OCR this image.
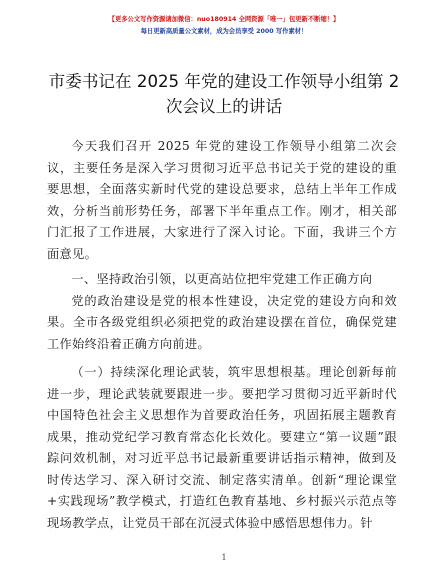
【更多公文写作资源请加微信：nuo180914 全网资源「唯一」包更新不断缩！】
每日更新高质量公文素材，成为会员享受 2000 写作素材！
市委书记在 2025 年党的建设工作领导小组第 2 次会议上的讲话

今天我们召开 2025 年党的建设工作领导小组第二次会议，主要任务是深入学习贯彻习近平总书记关于党的建设的重要思想，全面落实新时代党的建设总要求，总结上半年工作成效，分析当前形势任务，部署下半年重点工作。刚才，相关部门汇报了工作进展，大家进行了深入讨论。下面，我讲三个方面意见。

一、坚持政治引领，以更高站位把牢党建工作正确方向

党的政治建设是党的根本性建设，决定党的建设方向和效果。全市各级党组织必须把党的政治建设摆在首位，确保党建工作始终沿着正确方向前进。

（一）持续深化理论武装，筑牢思想根基。理论创新每前进一步，理论武装就要跟进一步。要把学习贯彻习近平新时代中国特色社会主义思想作为首要政治任务，巩固拓展主题教育成果，推动党纪学习教育常态化长效化。要建立“第一议题”跟踪问效机制，对习近平总书记最新重要讲话指示精神，做到及时传达学习、深入研讨交流、制定落实清单。创新“理论课堂+实践现场”教学模式，打造红色教育基地、乡村振兴示范点等现场教学点，让党员干部在沉浸式体验中感悟思想伟力。针

1
